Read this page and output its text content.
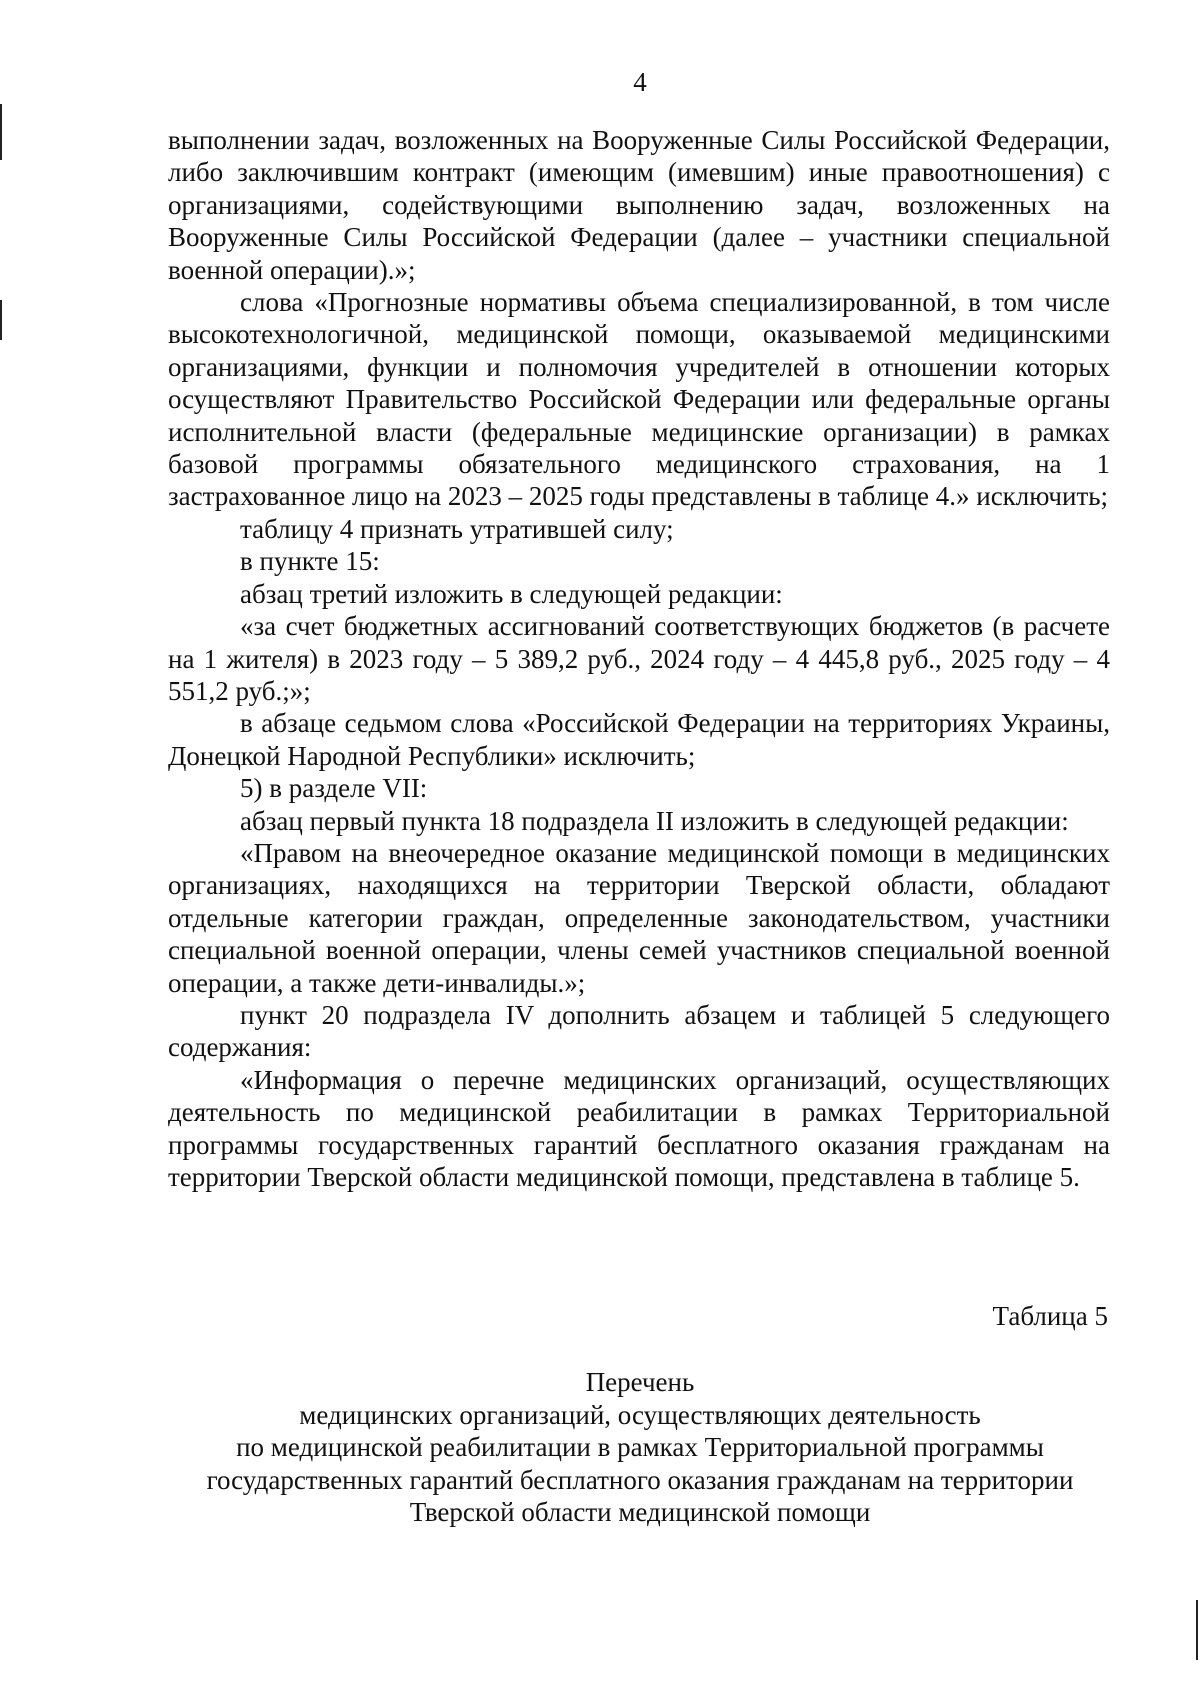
4

выполнении задач, возложенных на Вооруженные Силы Российской Федерации, либо заключившим контракт (имеющим (имевшим) иные правоотношения) с организациями, содействующими выполнению задач, возложенных на Вооруженные Силы Российской Федерации (далее – участники специальной военной операции).»;

слова «Прогнозные нормативы объема специализированной, в том числе высокотехнологичной, медицинской помощи, оказываемой медицинскими организациями, функции и полномочия учредителей в отношении которых осуществляют Правительство Российской Федерации или федеральные органы исполнительной власти (федеральные медицинские организации) в рамках базовой программы обязательного медицинского страхования, на 1 застрахованное лицо на 2023 – 2025 годы представлены в таблице 4.» исключить;

таблицу 4 признать утратившей силу;

в пункте 15:

абзац третий изложить в следующей редакции:

«за счет бюджетных ассигнований соответствующих бюджетов (в расчете на 1 жителя) в 2023 году – 5 389,2 руб., 2024 году – 4 445,8 руб., 2025 году – 4 551,2 руб.;»;

в абзаце седьмом слова «Российской Федерации на территориях Украины, Донецкой Народной Республики» исключить;

5) в разделе VII:

абзац первый пункта 18 подраздела II изложить в следующей редакции:

«Правом на внеочередное оказание медицинской помощи в медицинских организациях, находящихся на территории Тверской области, обладают отдельные категории граждан, определенные законодательством, участники специальной военной операции, члены семей участников специальной военной операции, а также дети-инвалиды.»;

пункт 20 подраздела IV дополнить абзацем и таблицей 5 следующего содержания:

«Информация о перечне медицинских организаций, осуществляющих деятельность по медицинской реабилитации в рамках Территориальной программы государственных гарантий бесплатного оказания гражданам на территории Тверской области медицинской помощи, представлена в таблице 5.

Таблица 5
Перечень
медицинских организаций, осуществляющих деятельность
по медицинской реабилитации в рамках Территориальной программы
государственных гарантий бесплатного оказания гражданам на территории
Тверской области медицинской помощи
